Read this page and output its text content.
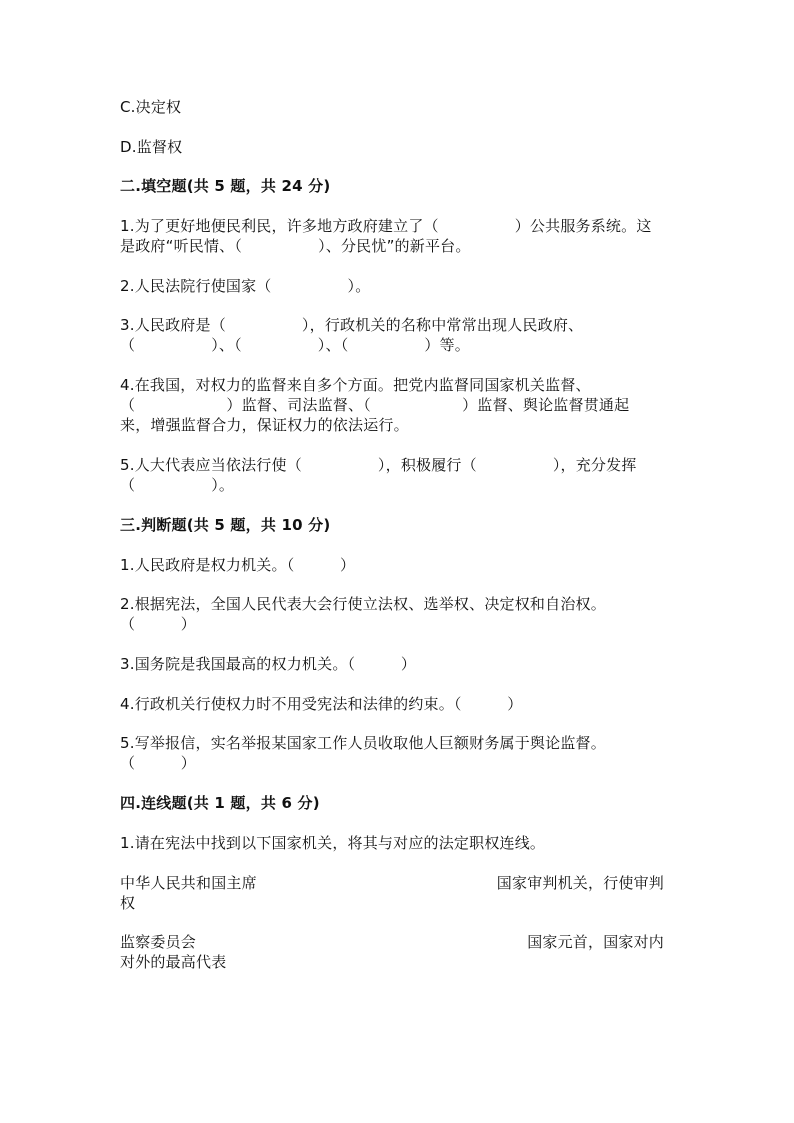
C.决定权

D.监督权

二.填空题(共 5 题，共 24 分)

1.为了更好地便民利民，许多地方政府建立了（　　　　　）公共服务系统。这

是政府“听民情、（　　　　　）、分民忧”的新平台。

2.人民法院行使国家（　　　　　）。

3.人民政府是（　　　　　），行政机关的名称中常常出现人民政府、

（　　　　　）、（　　　　　）、（　　　　　）等。

4.在我国，对权力的监督来自多个方面。把党内监督同国家机关监督、

（　　　　　　）监督、司法监督、（　　　　　　）监督、舆论监督贯通起

来，增强监督合力，保证权力的依法运行。

5.人大代表应当依法行使（　　　　　），积极履行（　　　　　），充分发挥

（　　　　　）。

三.判断题(共 5 题，共 10 分)

1.人民政府是权力机关。（　　　）

2.根据宪法，全国人民代表大会行使立法权、选举权、决定权和自治权。

（　　　）

3.国务院是我国最高的权力机关。（　　　）

4.行政机关行使权力时不用受宪法和法律的约束。（　　　）

5.写举报信，实名举报某国家工作人员收取他人巨额财务属于舆论监督。

（　　　）

四.连线题(共 1 题，共 6 分)

1.请在宪法中找到以下国家机关，将其与对应的法定职权连线。

中华人民共和国主席	国家审判机关，行使审判

权

监察委员会	国家元首，国家对内

对外的最高代表
